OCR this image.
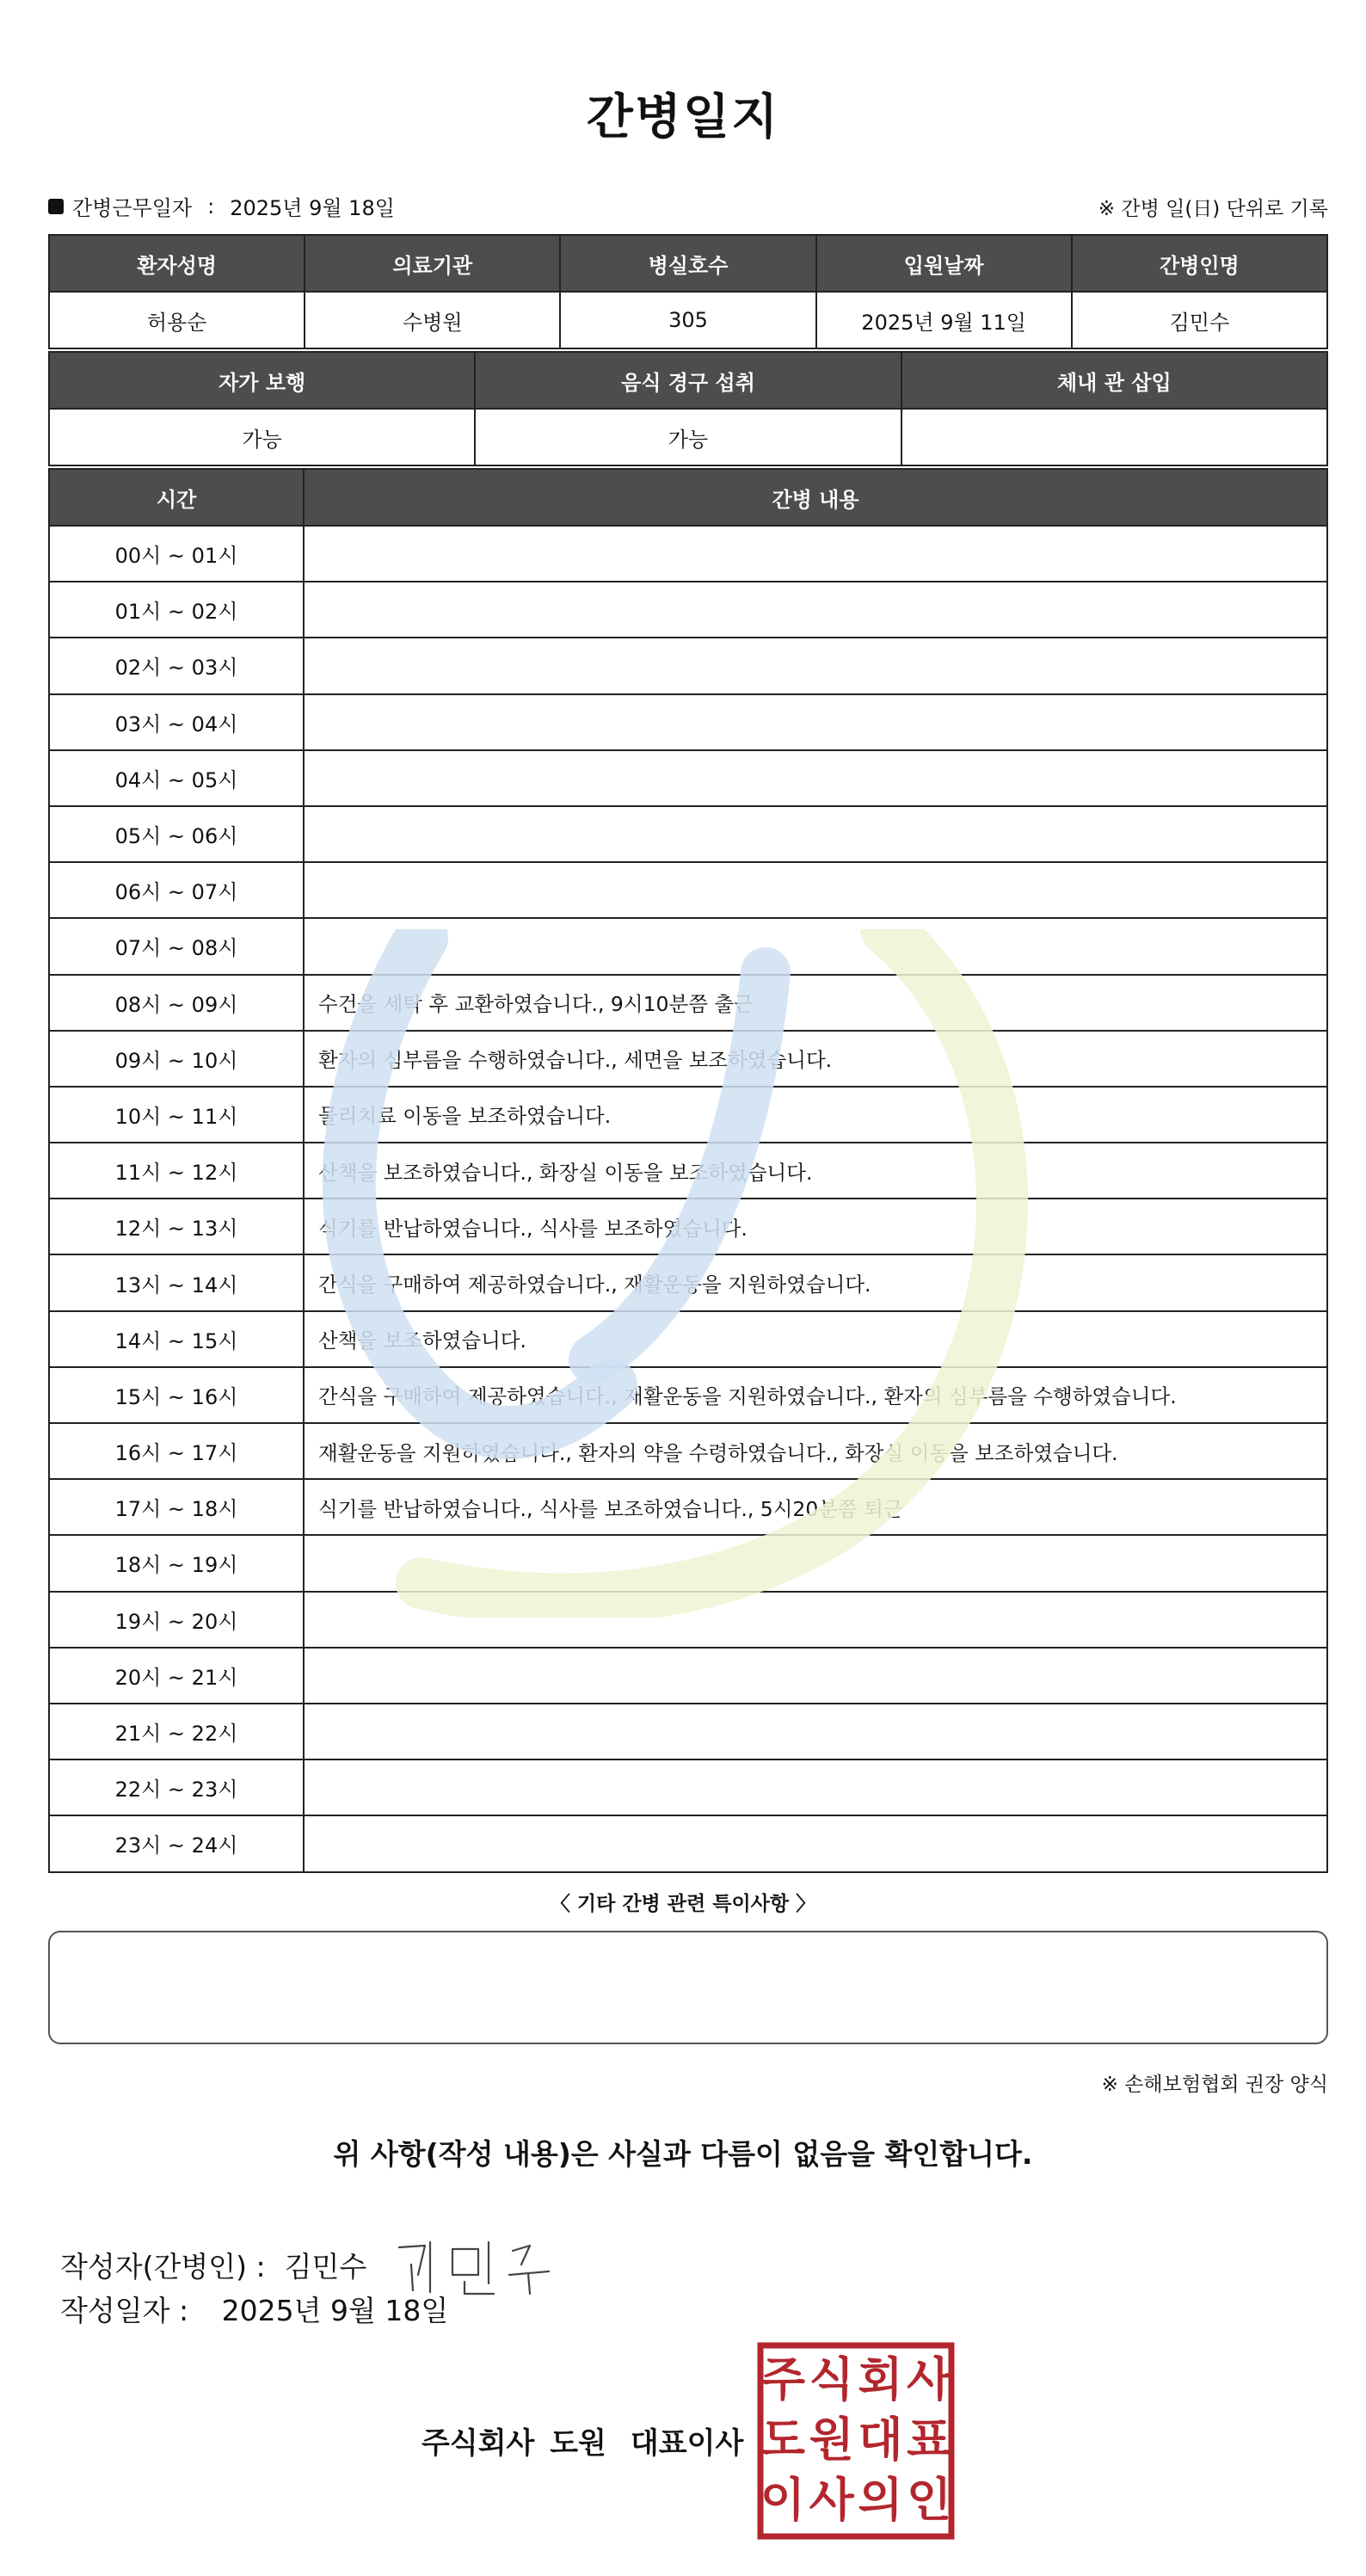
간병일지
간병근무일자 : 2025년 9월 18일	※ 간병 일(日) 단위로 기록
환자성명	의료기관	병실호수	입원날짜	간병인명
허용순	수병원	305	2025년 9월 11일	김민수
자가 보행	음식 경구 섭취	체내 관 삽입
가능	가능	
시간	간병 내용
00시 ~ 01시	
01시 ~ 02시	
02시 ~ 03시	
03시 ~ 04시	
04시 ~ 05시	
05시 ~ 06시	
06시 ~ 07시	
07시 ~ 08시	
08시 ~ 09시	수건을 세탁 후 교환하였습니다., 9시10분쯤 출근
09시 ~ 10시	환자의 심부름을 수행하였습니다., 세면을 보조하였습니다.
10시 ~ 11시	물리치료 이동을 보조하였습니다.
11시 ~ 12시	산책을 보조하였습니다., 화장실 이동을 보조하였습니다.
12시 ~ 13시	식기를 반납하였습니다., 식사를 보조하였습니다.
13시 ~ 14시	간식을 구매하여 제공하였습니다., 재활운동을 지원하였습니다.
14시 ~ 15시	산책을 보조하였습니다.
15시 ~ 16시	간식을 구매하여 제공하였습니다., 재활운동을 지원하였습니다., 환자의 심부름을 수행하였습니다.
16시 ~ 17시	재활운동을 지원하였습니다., 환자의 약을 수령하였습니다., 화장실 이동을 보조하였습니다.
17시 ~ 18시	식기를 반납하였습니다., 식사를 보조하였습니다., 5시20분쯤 퇴근
18시 ~ 19시	
19시 ~ 20시	
20시 ~ 21시	
21시 ~ 22시	
22시 ~ 23시	
23시 ~ 24시	
〈 기타 간병 관련 특이사항 〉
※ 손해보험협회 권장 양식
위 사항(작성 내용)은 사실과 다름이 없음을 확인합니다.
작성자(간병인) : 김민수
작성일자 : 2025년 9월 18일
주식회사 도원 대표이사
주 식 회 사
도 원 대 표
이 사 의 인
